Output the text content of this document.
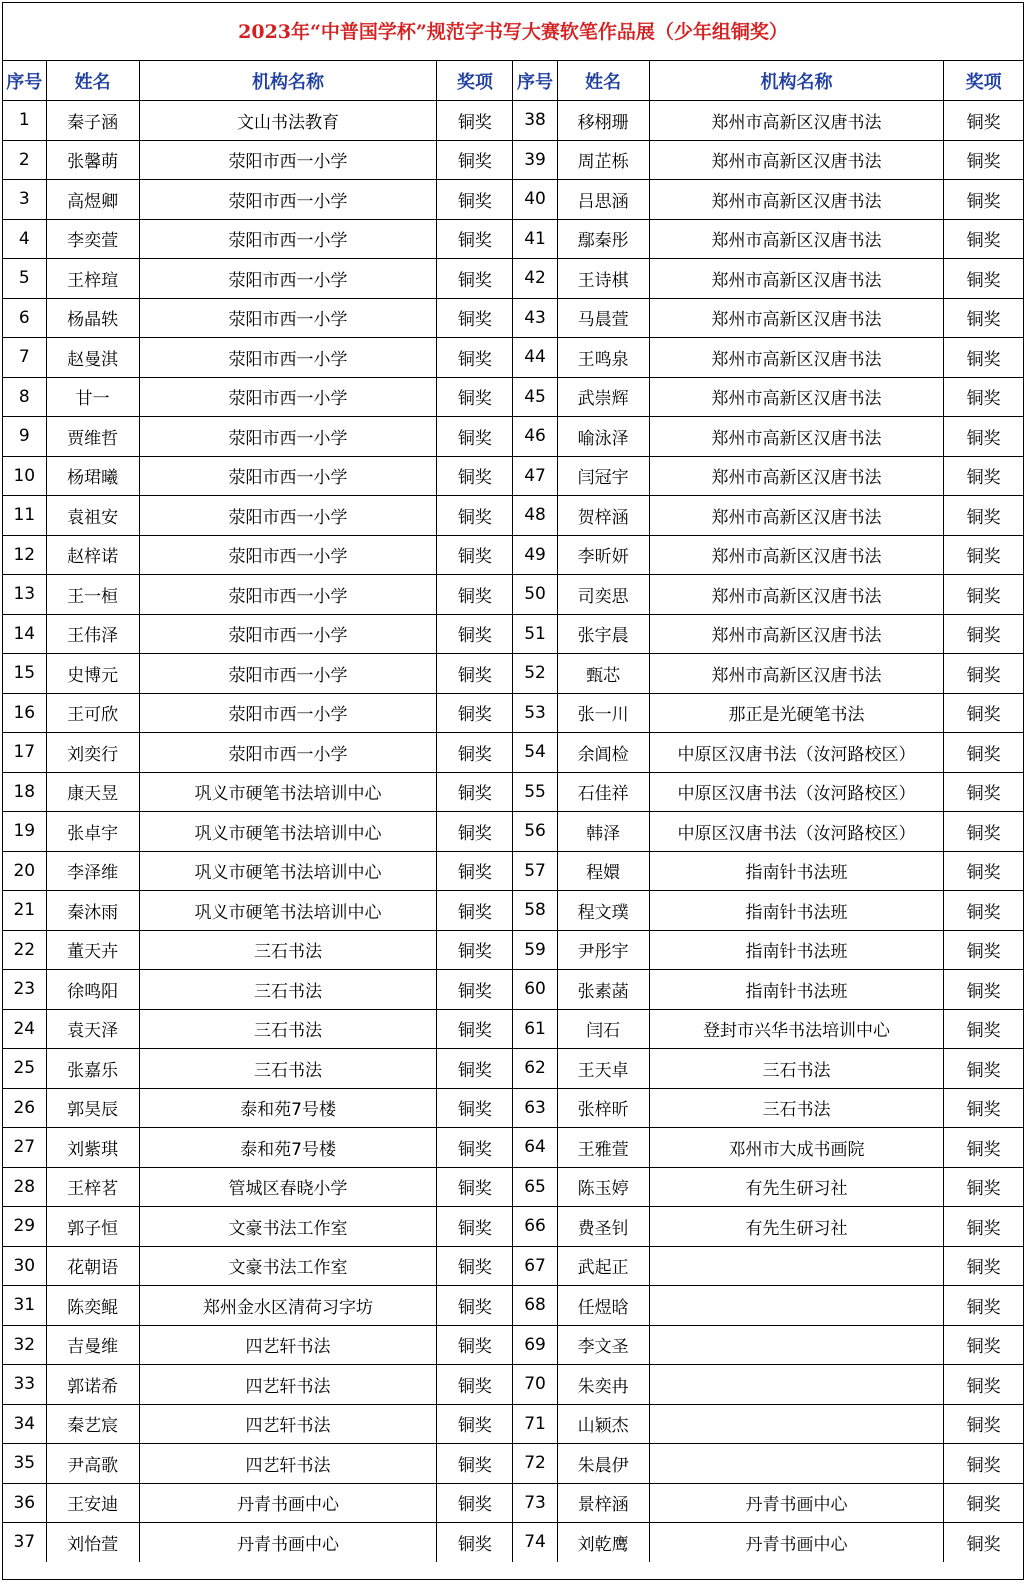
2023年“中普国学杯”规范字书写大赛软笔作品展（少年组铜奖）
序号	姓名	机构名称	奖项	序号	姓名	机构名称	奖项
1	秦子涵	文山书法教育	铜奖	38	移栩珊	郑州市高新区汉唐书法	铜奖
2	张馨萌	荥阳市西一小学	铜奖	39	周芷栎	郑州市高新区汉唐书法	铜奖
3	高煜卿	荥阳市西一小学	铜奖	40	吕思涵	郑州市高新区汉唐书法	铜奖
4	李奕萱	荥阳市西一小学	铜奖	41	鄢秦彤	郑州市高新区汉唐书法	铜奖
5	王梓瑄	荥阳市西一小学	铜奖	42	王诗棋	郑州市高新区汉唐书法	铜奖
6	杨晶轶	荥阳市西一小学	铜奖	43	马晨萱	郑州市高新区汉唐书法	铜奖
7	赵曼淇	荥阳市西一小学	铜奖	44	王鸣泉	郑州市高新区汉唐书法	铜奖
8	甘一	荥阳市西一小学	铜奖	45	武崇辉	郑州市高新区汉唐书法	铜奖
9	贾维哲	荥阳市西一小学	铜奖	46	喻泳泽	郑州市高新区汉唐书法	铜奖
10	杨珺曦	荥阳市西一小学	铜奖	47	闫冠宇	郑州市高新区汉唐书法	铜奖
11	袁祖安	荥阳市西一小学	铜奖	48	贺梓涵	郑州市高新区汉唐书法	铜奖
12	赵梓诺	荥阳市西一小学	铜奖	49	李昕妍	郑州市高新区汉唐书法	铜奖
13	王一桓	荥阳市西一小学	铜奖	50	司奕思	郑州市高新区汉唐书法	铜奖
14	王伟泽	荥阳市西一小学	铜奖	51	张宇晨	郑州市高新区汉唐书法	铜奖
15	史博元	荥阳市西一小学	铜奖	52	甄芯	郑州市高新区汉唐书法	铜奖
16	王可欣	荥阳市西一小学	铜奖	53	张一川	那正是光硬笔书法	铜奖
17	刘奕行	荥阳市西一小学	铜奖	54	余阊检	中原区汉唐书法（汝河路校区）	铜奖
18	康天昱	巩义市硬笔书法培训中心	铜奖	55	石佳祥	中原区汉唐书法（汝河路校区）	铜奖
19	张卓宇	巩义市硬笔书法培训中心	铜奖	56	韩泽	中原区汉唐书法（汝河路校区）	铜奖
20	李泽维	巩义市硬笔书法培训中心	铜奖	57	程嬛	指南针书法班	铜奖
21	秦沐雨	巩义市硬笔书法培训中心	铜奖	58	程文璞	指南针书法班	铜奖
22	董天卉	三石书法	铜奖	59	尹彤宇	指南针书法班	铜奖
23	徐鸣阳	三石书法	铜奖	60	张素菡	指南针书法班	铜奖
24	袁天泽	三石书法	铜奖	61	闫石	登封市兴华书法培训中心	铜奖
25	张嘉乐	三石书法	铜奖	62	王天卓	三石书法	铜奖
26	郭昊辰	泰和苑7号楼	铜奖	63	张梓昕	三石书法	铜奖
27	刘紫琪	泰和苑7号楼	铜奖	64	王雅萱	邓州市大成书画院	铜奖
28	王梓茗	管城区春晓小学	铜奖	65	陈玉婷	有先生研习社	铜奖
29	郭子恒	文豪书法工作室	铜奖	66	费圣钊	有先生研习社	铜奖
30	花朝语	文豪书法工作室	铜奖	67	武起正		铜奖
31	陈奕鲲	郑州金水区清荷习字坊	铜奖	68	任煜晗		铜奖
32	吉曼维	四艺轩书法	铜奖	69	李文圣		铜奖
33	郭诺希	四艺轩书法	铜奖	70	朱奕冉		铜奖
34	秦艺宸	四艺轩书法	铜奖	71	山颖杰		铜奖
35	尹高歌	四艺轩书法	铜奖	72	朱晨伊		铜奖
36	王安迪	丹青书画中心	铜奖	73	景梓涵	丹青书画中心	铜奖
37	刘怡萱	丹青书画中心	铜奖	74	刘乾鹰	丹青书画中心	铜奖
